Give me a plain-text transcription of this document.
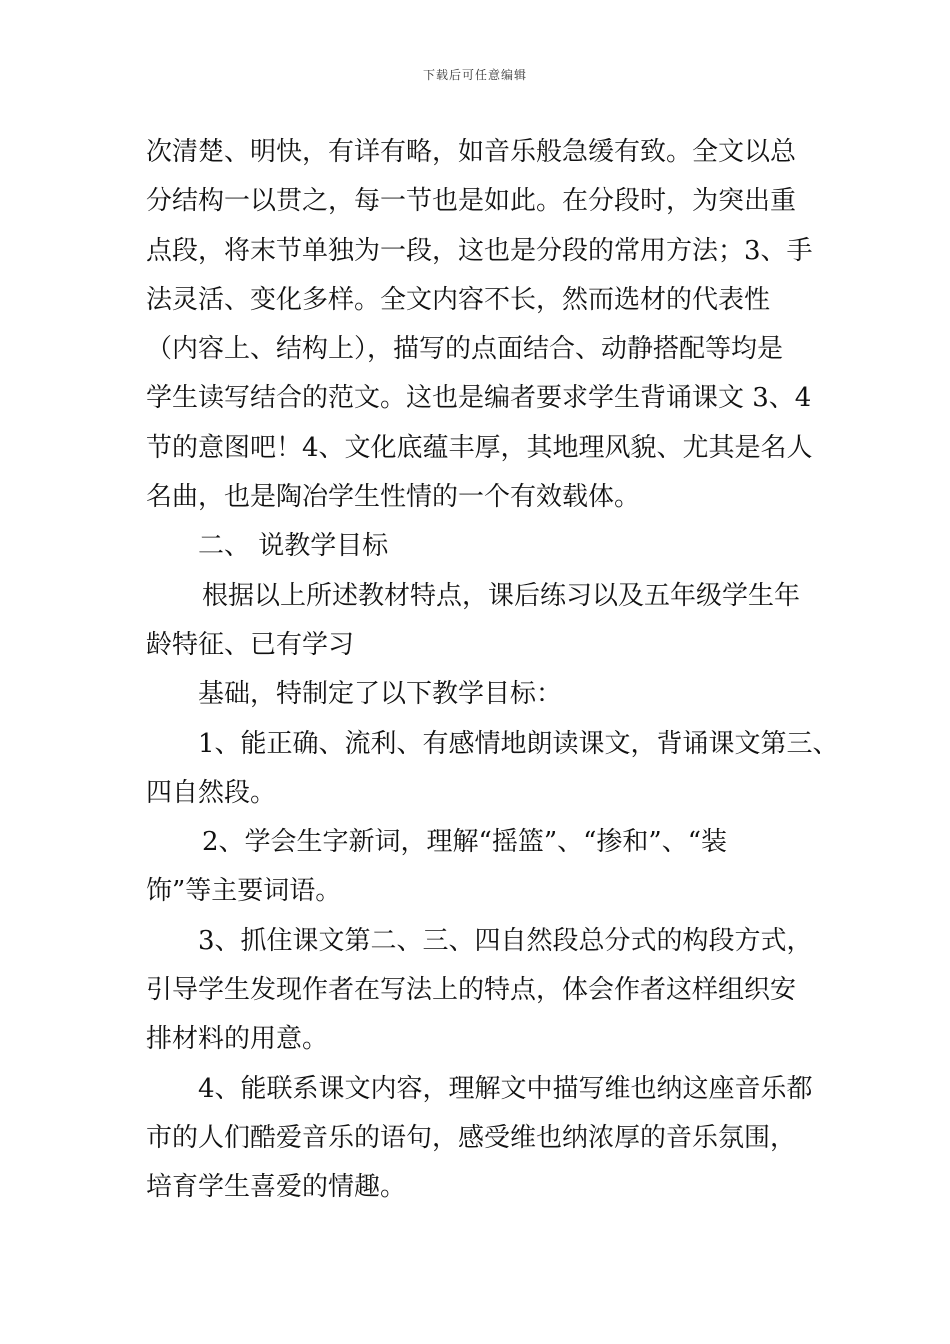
下载后可任意编辑
次清楚、明快，有详有略，如音乐般急缓有致。全文以总
分结构一以贯之，每一节也是如此。在分段时，为突出重
点段，将末节单独为一段，这也是分段的常用方法；3、手
法灵活、变化多样。全文内容不长，然而选材的代表性
（内容上、结构上），描写的点面结合、动静搭配等均是
学生读写结合的范文。这也是编者要求学生背诵课文 3、4
节的意图吧！4、文化底蕴丰厚，其地理风貌、尤其是名人
名曲，也是陶冶学生性情的一个有效载体。
二、 说教学目标
根据以上所述教材特点，课后练习以及五年级学生年
龄特征、已有学习
基础，特制定了以下教学目标：
1、能正确、流利、有感情地朗读课文，背诵课文第三、
四自然段。
2、学会生字新词，理解“摇篮”、“掺和”、“装
饰”等主要词语。
3、抓住课文第二、三、四自然段总分式的构段方式，
引导学生发现作者在写法上的特点，体会作者这样组织安
排材料的用意。
4、能联系课文内容，理解文中描写维也纳这座音乐都
市的人们酷爱音乐的语句，感受维也纳浓厚的音乐氛围，
培育学生喜爱的情趣。
